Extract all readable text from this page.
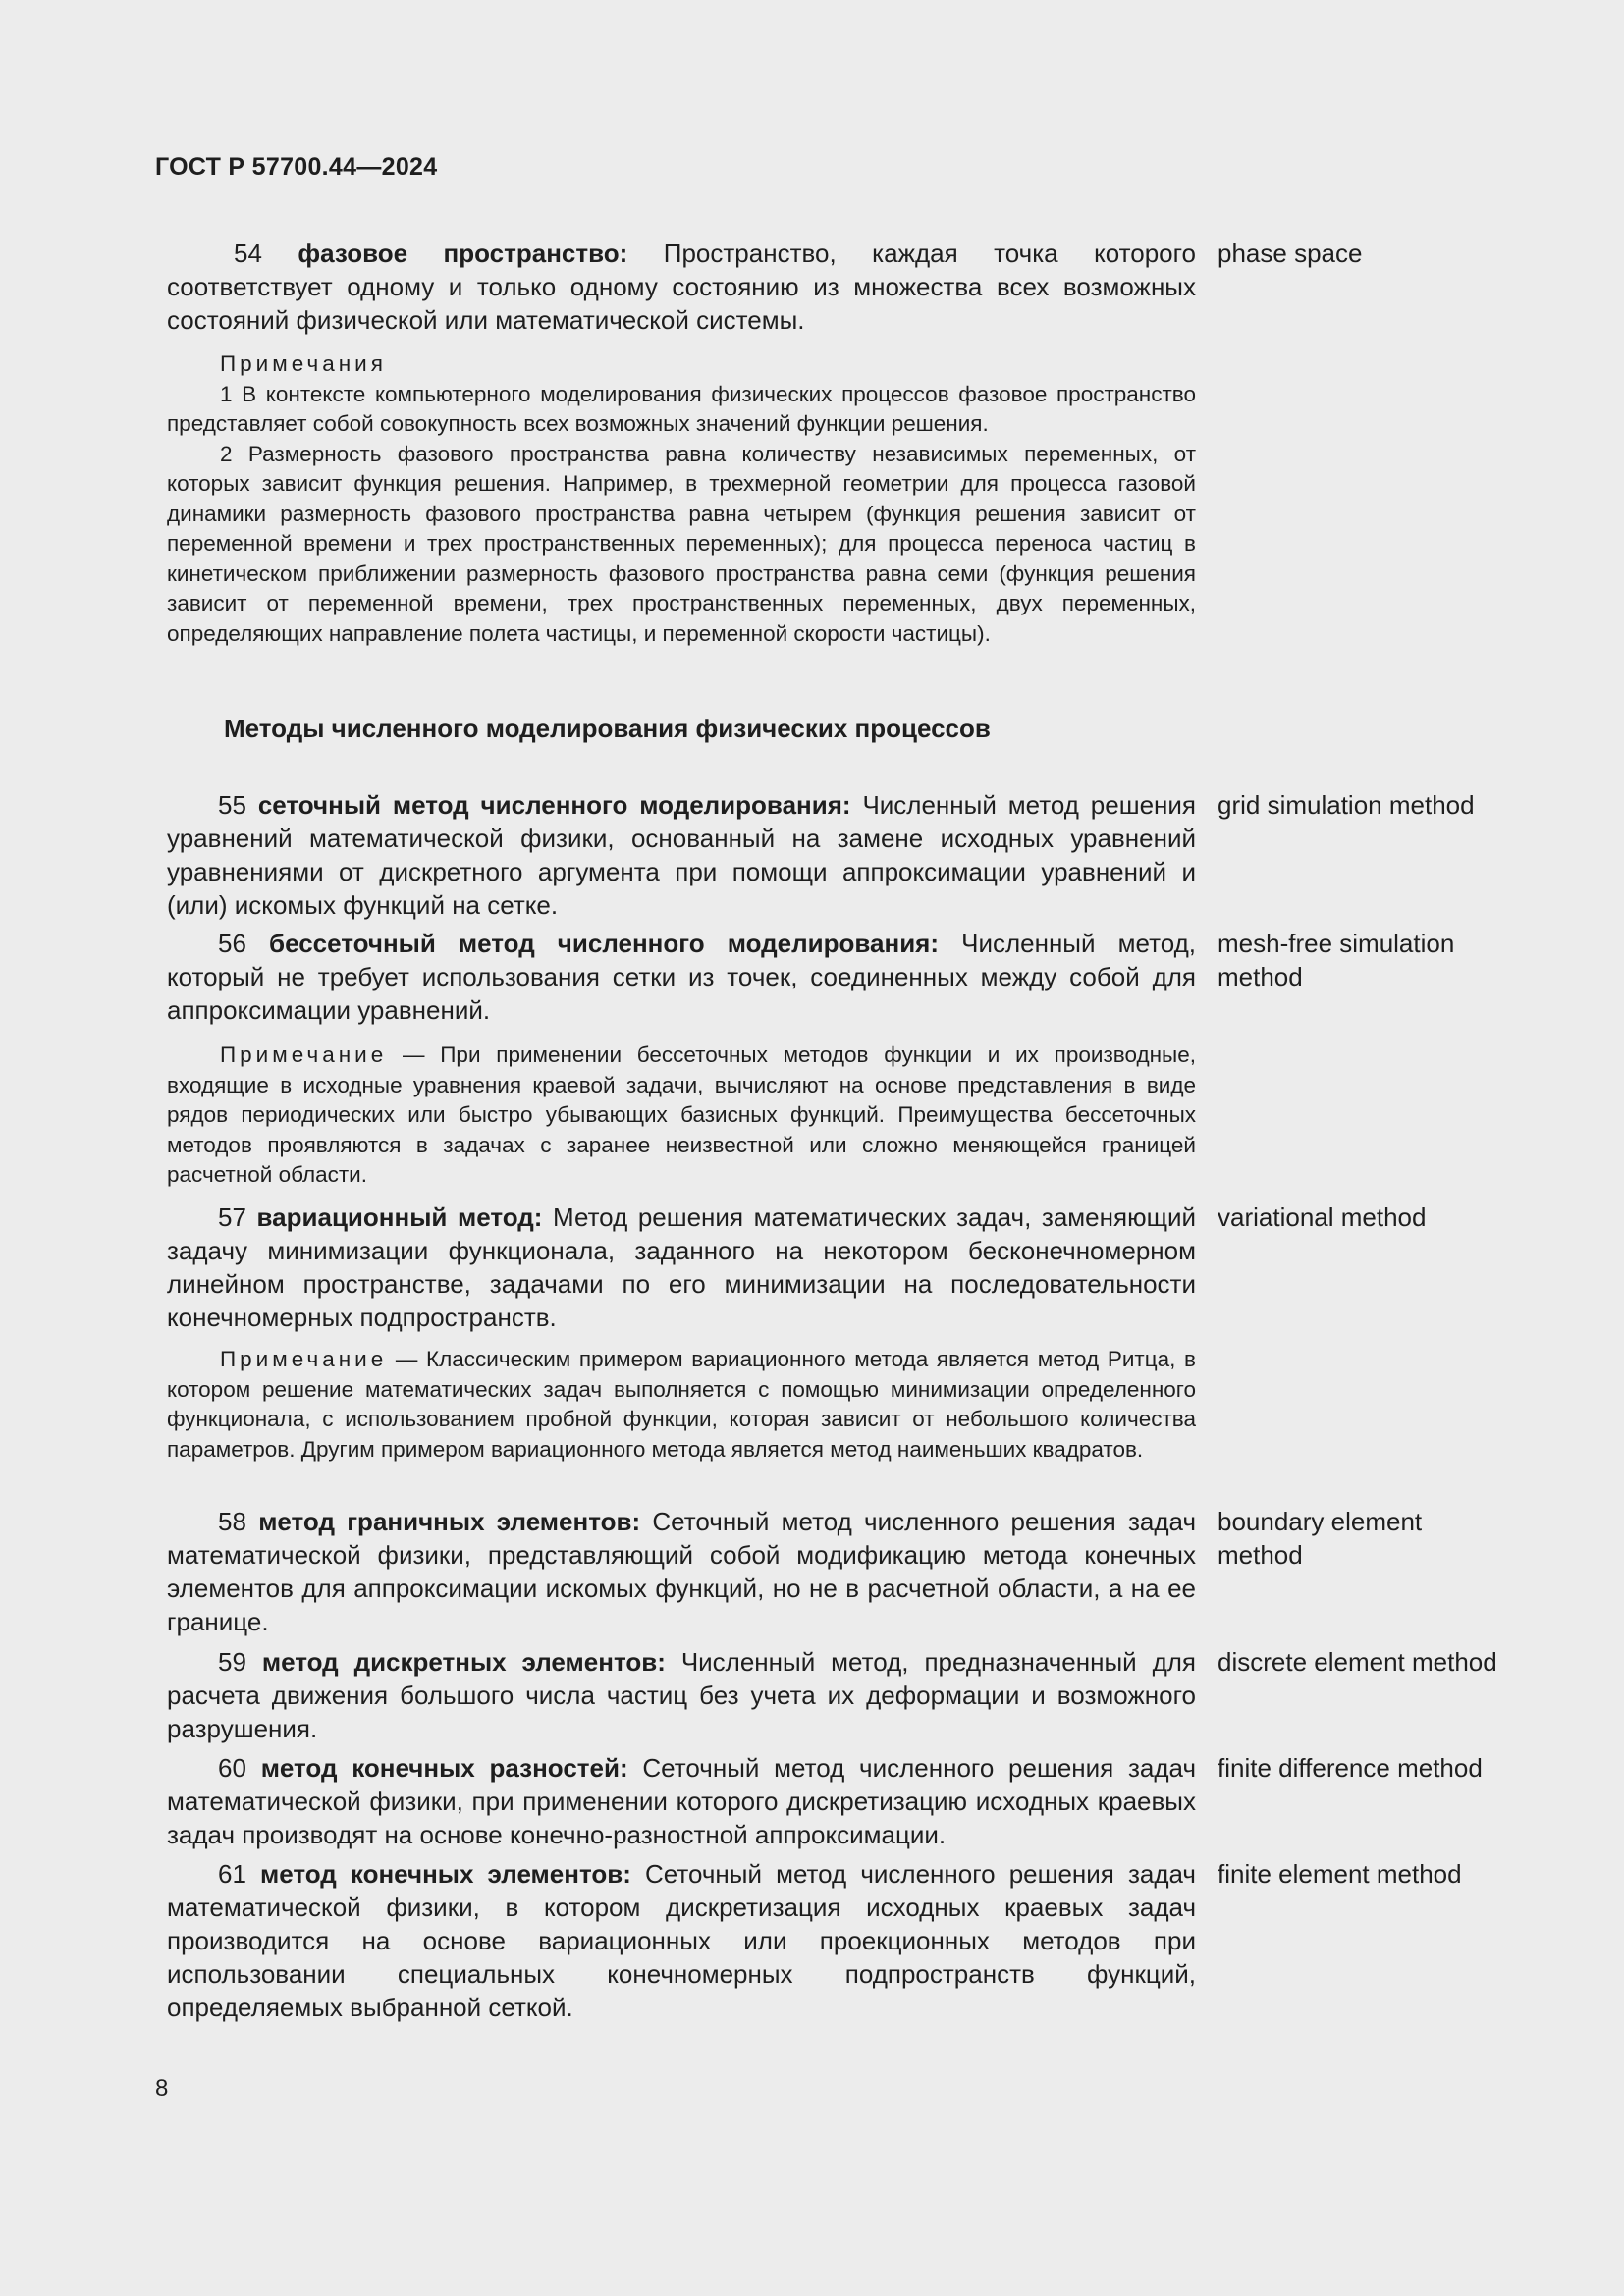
ГОСТ Р 57700.44—2024
54 фазовое пространство: Пространство, каждая точка которого соответствует одному и только одному состоянию из множества всех возможных состояний физической или математической системы.
phase space

Примечания

1 В контексте компьютерного моделирования физических процессов фазовое пространство представляет собой совокупность всех возможных значений функции решения.

2 Размерность фазового пространства равна количеству независимых переменных, от которых зависит функция решения. Например, в трехмерной геометрии для процесса газовой динамики размерность фазового пространства равна четырем (функция решения зависит от переменной времени и трех пространственных переменных); для процесса переноса частиц в кинетическом приближении размерность фазового пространства равна семи (функция решения зависит от переменной времени, трех пространственных переменных, двух переменных, определяющих направление полета частицы, и переменной скорости частицы).

Методы численного моделирования физических процессов
55 сеточный метод численного моделирования: Численный метод решения уравнений математической физики, основанный на замене исходных уравнений уравнениями от дискретного аргумента при помощи аппроксимации уравнений и (или) искомых функций на сетке.
grid simulation method
56 бессеточный метод численного моделирования: Численный метод, который не требует использования сетки из точек, соединенных между собой для аппроксимации уравнений.
mesh-free simulation method

Примечание — При применении бессеточных методов функции и их производные, входящие в исходные уравнения краевой задачи, вычисляют на основе представления в виде рядов периодических или быстро убывающих базисных функций. Преимущества бессеточных методов проявляются в задачах с заранее неизвестной или сложно меняющейся границей расчетной области.

57 вариационный метод: Метод решения математических задач, заменяющий задачу минимизации функционала, заданного на некотором бесконечномерном линейном пространстве, задачами по его минимизации на последовательности конечномерных подпространств.
variational method

Примечание — Классическим примером вариационного метода является метод Ритца, в котором решение математических задач выполняется с помощью минимизации определенного функционала, с использованием пробной функции, которая зависит от небольшого количества параметров. Другим примером вариационного метода является метод наименьших квадратов.

58 метод граничных элементов: Сеточный метод численного решения задач математической физики, представляющий собой модификацию метода конечных элементов для аппроксимации искомых функций, но не в расчетной области, а на ее границе.
boundary element method
59 метод дискретных элементов: Численный метод, предназначенный для расчета движения большого числа частиц без учета их деформации и возможного разрушения.
discrete element method
60 метод конечных разностей: Сеточный метод численного решения задач математической физики, при применении которого дискретизацию исходных краевых задач производят на основе конечно-разностной аппроксимации.
finite difference method
61 метод конечных элементов: Сеточный метод численного решения задач математической физики, в котором дискретизация исходных краевых задач производится на основе вариационных или проекционных методов при использовании специальных конечномерных подпространств функций, определяемых выбранной сеткой.
finite element method
8
